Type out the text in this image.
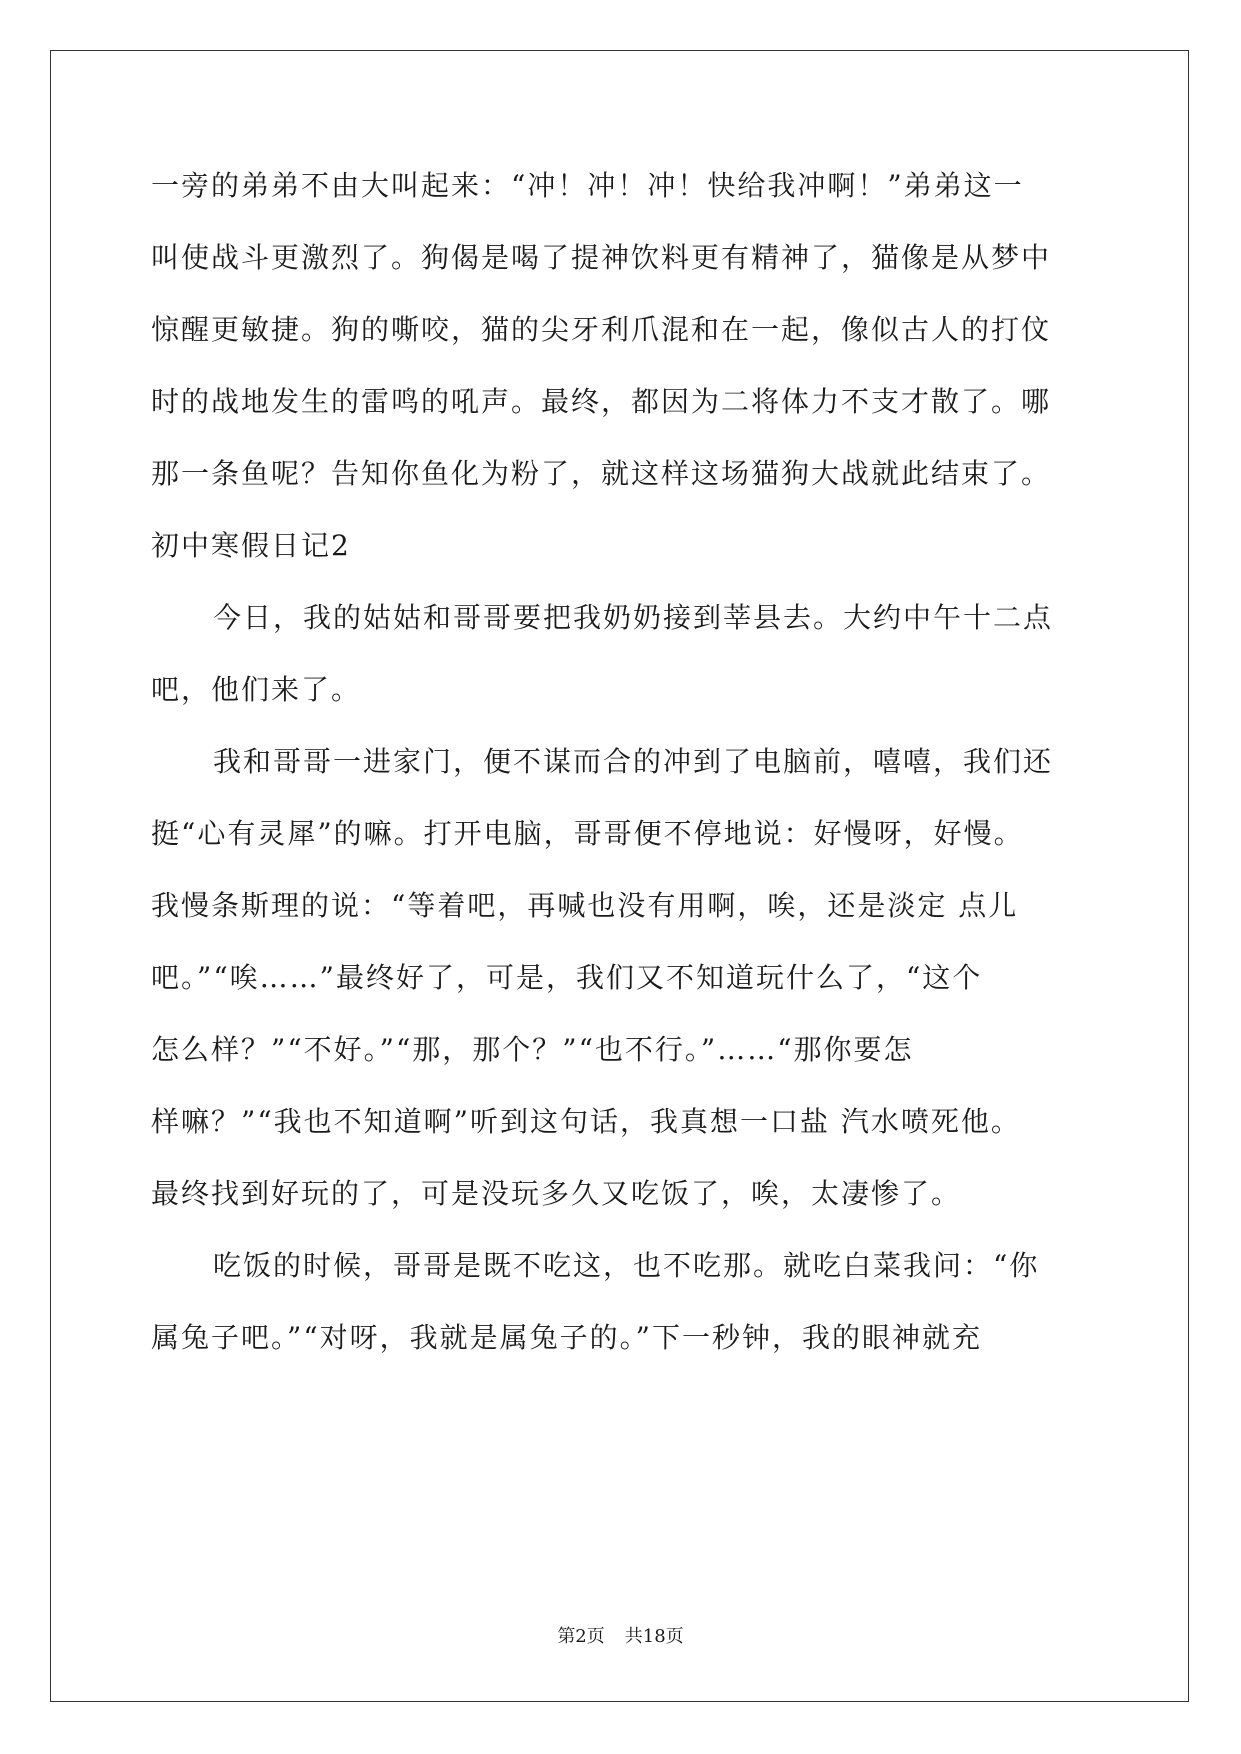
一旁的弟弟不由大叫起来：“冲！冲！冲！快给我冲啊！”弟弟这一
叫使战斗更激烈了。狗偈是喝了提神饮料更有精神了，猫像是从梦中
惊醒更敏捷。狗的嘶咬，猫的尖牙利爪混和在一起，像似古人的打伩
时的战地发生的雷鸣的吼声。最终，都因为二将体力不支才散了。哪
那一条鱼呢？告知你鱼化为粉了，就这样这场猫狗大战就此结束了。
初中寒假日记2
今日，我的姑姑和哥哥要把我奶奶接到莘县去。大约中午十二点
吧，他们来了。
我和哥哥一进家门，便不谋而合的冲到了电脑前，嘻嘻，我们还
挺“心有灵犀”的嘛。打开电脑，哥哥便不停地说：好慢呀，好慢。
我慢条斯理的说：“等着吧，再喊也没有用啊，唉，还是淡定 点儿
吧。”“唉……”最终好了，可是，我们又不知道玩什么了，“这个
怎么样？”“不好。”“那，那个？”“也不行。”……“那你要怎
样嘛？”“我也不知道啊”听到这句话，我真想一口盐 汽水喷死他。
最终找到好玩的了，可是没玩多久又吃饭了，唉，太凄惨了。
吃饭的时候，哥哥是既不吃这，也不吃那。就吃白菜我问：“你
属兔子吧。”“对呀，我就是属兔子的。”下一秒钟，我的眼神就充
第2页 共18页
